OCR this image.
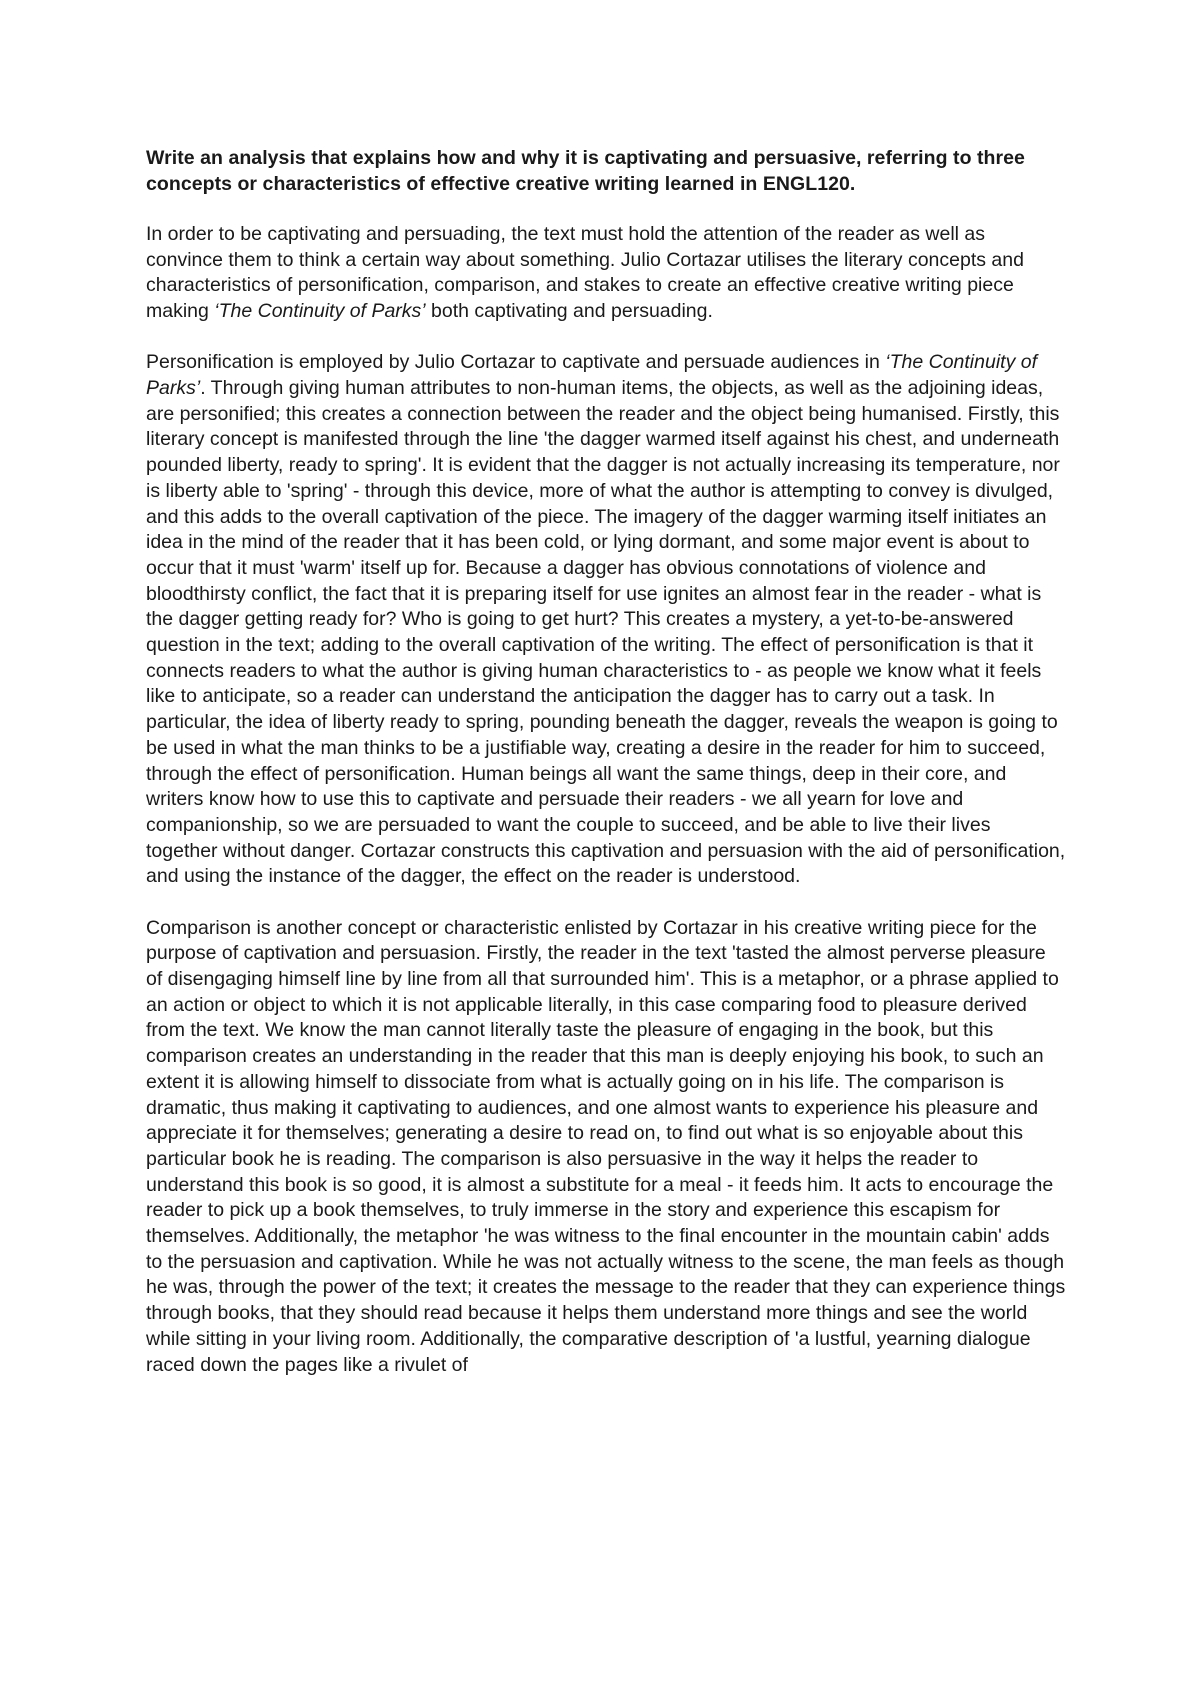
Write an analysis that explains how and why it is captivating and persuasive, referring to three concepts or characteristics of effective creative writing learned in ENGL120.

In order to be captivating and persuading, the text must hold the attention of the reader as well as convince them to think a certain way about something. Julio Cortazar utilises the literary concepts and characteristics of personification, comparison, and stakes to create an effective creative writing piece making ‘The Continuity of Parks’ both captivating and persuading.

Personification is employed by Julio Cortazar to captivate and persuade audiences in ‘The Continuity of Parks’. Through giving human attributes to non-human items, the objects, as well as the adjoining ideas, are personified; this creates a connection between the reader and the object being humanised. Firstly, this literary concept is manifested through the line 'the dagger warmed itself against his chest, and underneath pounded liberty, ready to spring'. It is evident that the dagger is not actually increasing its temperature, nor is liberty able to 'spring' - through this device, more of what the author is attempting to convey is divulged, and this adds to the overall captivation of the piece. The imagery of the dagger warming itself initiates an idea in the mind of the reader that it has been cold, or lying dormant, and some major event is about to occur that it must 'warm' itself up for. Because a dagger has obvious connotations of violence and bloodthirsty conflict, the fact that it is preparing itself for use ignites an almost fear in the reader - what is the dagger getting ready for? Who is going to get hurt? This creates a mystery, a yet-to-be-answered question in the text; adding to the overall captivation of the writing. The effect of personification is that it connects readers to what the author is giving human characteristics to - as people we know what it feels like to anticipate, so a reader can understand the anticipation the dagger has to carry out a task. In particular, the idea of liberty ready to spring, pounding beneath the dagger, reveals the weapon is going to be used in what the man thinks to be a justifiable way, creating a desire in the reader for him to succeed, through the effect of personification. Human beings all want the same things, deep in their core, and writers know how to use this to captivate and persuade their readers - we all yearn for love and companionship, so we are persuaded to want the couple to succeed, and be able to live their lives together without danger. Cortazar constructs this captivation and persuasion with the aid of personification, and using the instance of the dagger, the effect on the reader is understood.

Comparison is another concept or characteristic enlisted by Cortazar in his creative writing piece for the purpose of captivation and persuasion. Firstly, the reader in the text 'tasted the almost perverse pleasure of disengaging himself line by line from all that surrounded him'. This is a metaphor, or a phrase applied to an action or object to which it is not applicable literally, in this case comparing food to pleasure derived from the text. We know the man cannot literally taste the pleasure of engaging in the book, but this comparison creates an understanding in the reader that this man is deeply enjoying his book, to such an extent it is allowing himself to dissociate from what is actually going on in his life. The comparison is dramatic, thus making it captivating to audiences, and one almost wants to experience his pleasure and appreciate it for themselves; generating a desire to read on, to find out what is so enjoyable about this particular book he is reading. The comparison is also persuasive in the way it helps the reader to understand this book is so good, it is almost a substitute for a meal - it feeds him. It acts to encourage the reader to pick up a book themselves, to truly immerse in the story and experience this escapism for themselves. Additionally, the metaphor 'he was witness to the final encounter in the mountain cabin' adds to the persuasion and captivation. While he was not actually witness to the scene, the man feels as though he was, through the power of the text; it creates the message to the reader that they can experience things through books, that they should read because it helps them understand more things and see the world while sitting in your living room. Additionally, the comparative description of 'a lustful, yearning dialogue raced down the pages like a rivulet of
